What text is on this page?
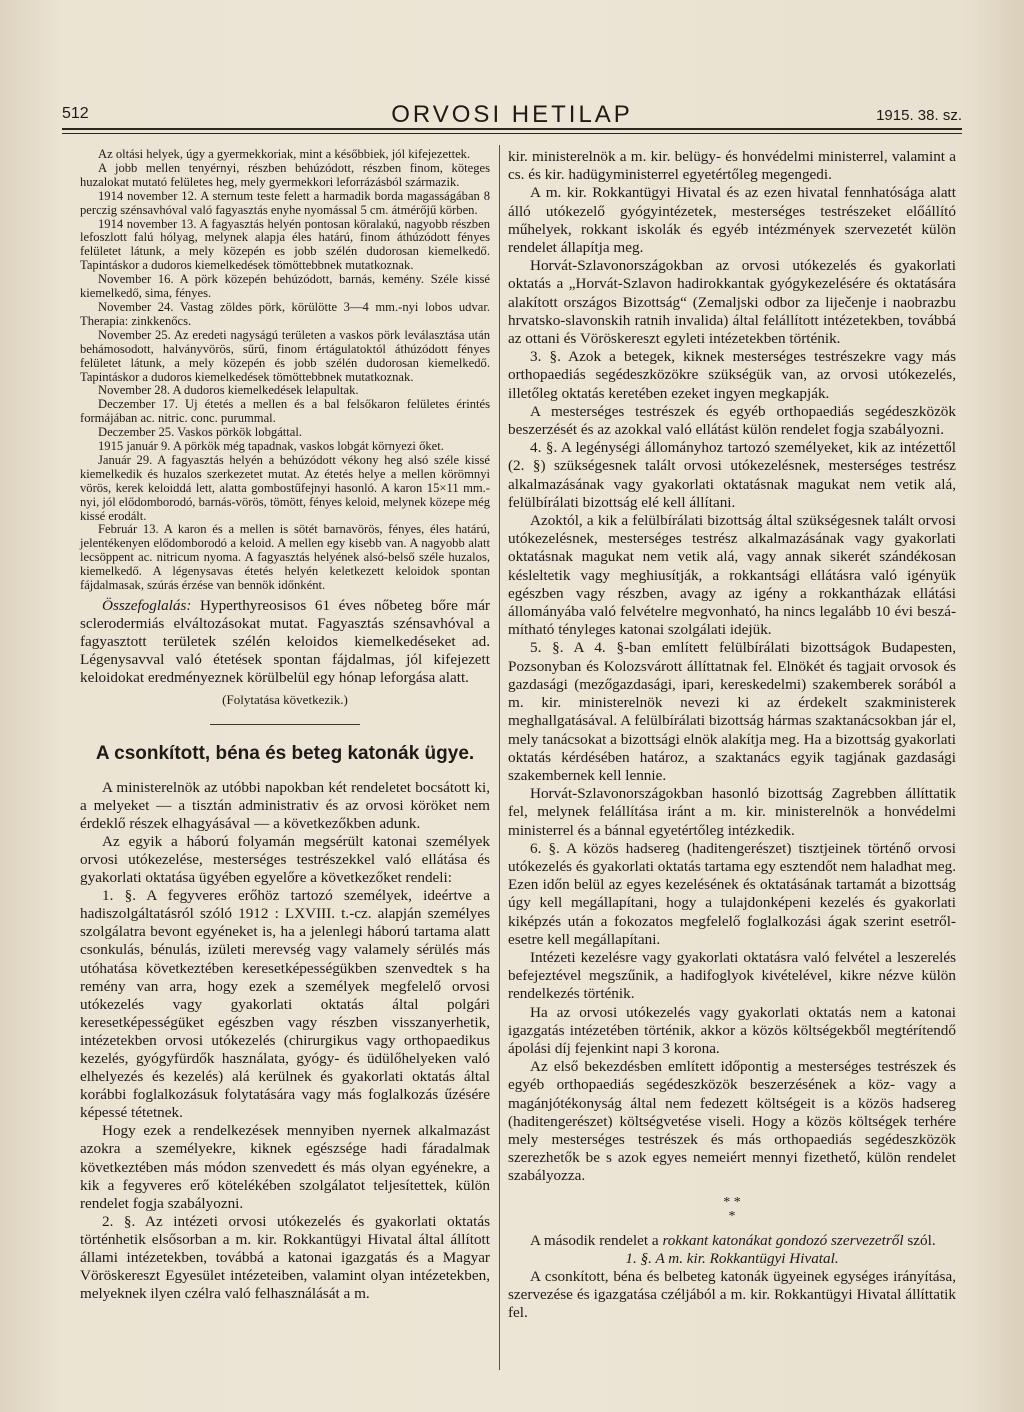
512	ORVOSI HETILAP	1915. 38. sz.

Az oltási helyek, úgy a gyermekkoriak, mint a későbbiek, jól kifejezettek.

A jobb mellen tenyérnyi, részben behúzódott, részben finom, köteges huzalokat mutató felületes heg, mely gyermekkori leforrázásból származik.

1914 november 12. A sternum teste felett a harmadik borda magasságában 8 perczig szénsavhóval való fagyasztás enyhe nyomással 5 cm. átmérőjű körben.

1914 november 13. A fagyasztás helyén pontosan köralakú, nagyobb részben lefoszlott falú hólyag, melynek alapja éles határú, finom áthúzódott fényes felületet látunk, a mely közepén es jobb szélén dudorosan kiemelkedő. Tapintáskor a dudoros kiemelkedések tömöttebbnek mutatkoznak.

November 16. A pörk közepén behúzódott, barnás, kemény. Széle kissé kiemelkedő, sima, fényes.

November 24. Vastag zöldes pörk, körülötte 3—4 mm.-nyi lobos udvar. Therapia: zinkkenőcs.

November 25. Az eredeti nagyságú területen a vaskos pörk leválasztása után behámosodott, halványvörös, sűrű, finom értágulatoktól áthúzódott fényes felületet látunk, a mely közepén és jobb szélén dudorosan kiemelkedő. Tapintáskor a dudoros kiemelkedések tömöttebbnek mutatkoznak.

November 28. A dudoros kiemelkedések lelapultak.

Deczember 17. Uj étetés a mellen és a bal felsőkaron felületes érintés formájában ac. nitric. conc. purummal.

Deczember 25. Vaskos pörkök lobgáttal.

1915 január 9. A pörkök még tapadnak, vaskos lobgát környezi őket.

Január 29. A fagyasztás helyén a behúzódott vékony heg alsó széle kissé kiemelkedik és huzalos szerkezetet mutat. Az étetés helye a mellen körömnyi vörös, kerek keloiddá lett, alatta gombostűfejnyi hasonló. A karon 15×11 mm.-nyi, jól elődomborodó, barnás-vörös, tömött, fényes keloid, melynek közepe még kissé erodált.

Február 13. A karon és a mellen is sötét barnavörös, fényes, éles határú, jelentékenyen elődomborodó a keloid. A mellen egy kisebb van. A nagyobb alatt lecsöppent ac. nitricum nyoma. A fagyasztás helyének alsó-belső széle huzalos, kiemelkedő. A légenysavas étetés helyén keletkezett keloidok spontan fájdalmasak, szúrás érzése van bennök időnként.

Összefoglalás: Hyperthyreosisos 61 éves nőbeteg bőre már sclerodermiás elváltozásokat mutat. Fagyasztás szénsavhóval a fagyasztott területek szélén keloidos kiemelkedéseket ad. Légenysavval való étetések spontan fájdalmas, jól kifejezett keloidokat eredményeznek körülbelül egy hónap leforgása alatt.

(Folytatása következik.)

A csonkított, béna és beteg katonák ügye.

A ministerelnök az utóbbi napokban két rendeletet bocsátott ki, a melyeket — a tisztán administrativ és az orvosi köröket nem érdeklő részek elhagyásával — a következőkben adunk.

Az egyik a háború folyamán megsérült katonai személyek orvosi utókezelése, mesterséges testrészekkel való ellátása és gyakorlati oktatása ügyében egyelőre a következőket rendeli:

1. §. A fegyveres erőhöz tartozó személyek, ideértve a hadiszolgáltatásról szóló 1912 : LXVIII. t.-cz. alapján személyes szolgálatra bevont egyéneket is, ha a jelenlegi háború tartama alatt csonkulás, bénulás, izületi merevség vagy valamely sérülés más utóhatása következtében keresetképességükben szenvedtek s ha remény van arra, hogy ezek a személyek megfelelő orvosi utókezelés vagy gyakorlati oktatás által polgári keresetképességüket egészben vagy részben visszanyerhetik, intézetekben orvosi utókezelés (chirurgikus vagy orthopaedikus kezelés, gyógyfürdők használata, gyógy- és üdülőhelyeken való elhelyezés és kezelés) alá kerülnek és gyakorlati oktatás által korábbi foglalkozásuk folytatására vagy más foglalkozás űzésére képessé tétetnek.

Hogy ezek a rendelkezések mennyiben nyernek alkalmazást azokra a személyekre, kiknek egészsége hadi fáradalmak következtében más módon szenvedett és más olyan egyénekre, a kik a fegyveres erő kötelékében szolgálatot teljesítettek, külön rendelet fogja szabályozni.

2. §. Az intézeti orvosi utókezelés és gyakorlati oktatás történhetik elsősorban a m. kir. Rokkantügyi Hivatal által állított állami intézetekben, továbbá a katonai igazgatás és a Magyar Vöröskereszt Egyesület intézeteiben, valamint olyan intézetekben, melyeknek ilyen czélra való felhasználását a m.

kir. ministerelnök a m. kir. belügy- és honvédelmi ministerrel, valamint a cs. és kir. hadügyministerrel egyetértőleg megengedi.

A m. kir. Rokkantügyi Hivatal és az ezen hivatal fennhatósága alatt álló utókezelő gyógyintézetek, mesterséges testrészeket előállító műhelyek, rokkant iskolák és egyéb intézmények szervezetét külön rendelet állapítja meg.

Horvát-Szlavonországokban az orvosi utókezelés és gyakorlati oktatás a „Horvát-Szlavon hadirokkantak gyógykezelésére és oktatására alakított országos Bizottság“ (Zemaljski odbor za liječenje i naobrazbu hrvatsko-slavonskih ratnih invalida) által felállított intézetekben, továbbá az ottani és Vöröskereszt egyleti intézetekben történik.

3. §. Azok a betegek, kiknek mesterséges testrészekre vagy más orthopaediás segédeszközökre szükségük van, az orvosi utókezelés, illetőleg oktatás keretében ezeket ingyen megkapják.

A mesterséges testrészek és egyéb orthopaediás segédeszközök beszerzését és az azokkal való ellátást külön rendelet fogja szabályozni.

4. §. A legénységi állományhoz tartozó személyeket, kik az intézettől (2. §) szükségesnek talált orvosi utókezelésnek, mesterséges testrész alkalmazásának vagy gyakorlati oktatásnak magukat nem vetik alá, felülbírálati bizottság elé kell állítani.

Azoktól, a kik a felülbírálati bizottság által szükségesnek talált orvosi utókezelésnek, mesterséges testrész alkalmazásának vagy gyakorlati oktatásnak magukat nem vetik alá, vagy annak sikerét szándékosan késleltetik vagy meghiusítják, a rokkantsági ellátásra való igényük egészben vagy részben, avagy az igény a rokkantházak ellátási állományába való felvételre megvonható, ha nincs legalább 10 évi beszámítható tényleges katonai szolgálati idejük.

5. §. A 4. §-ban említett felülbírálati bizottságok Budapesten, Pozsonyban és Kolozsvárott állíttatnak fel. Elnökét és tagjait orvosok és gazdasági (mezőgazdasági, ipari, kereskedelmi) szakemberek sorából a m. kir. ministerelnök nevezi ki az érdekelt szakministerek meghallgatásával. A felülbírálati bizottság hármas szaktanácsokban jár el, mely tanácsokat a bizottsági elnök alakítja meg. Ha a bizottság gyakorlati oktatás kérdésében határoz, a szaktanács egyik tagjának gazdasági szakembernek kell lennie.

Horvát-Szlavonországokban hasonló bizottság Zagrebben állíttatik fel, melynek felállítása iránt a m. kir. ministerelnök a honvédelmi ministerrel és a bánnal egyetértőleg intézkedik.

6. §. A közös hadsereg (haditengerészet) tisztjeinek történő orvosi utókezelés és gyakorlati oktatás tartama egy esztendőt nem haladhat meg. Ezen időn belül az egyes kezelésének és oktatásának tartamát a bizottság úgy kell megállapítani, hogy a tulajdonképeni kezelés és gyakorlati kiképzés után a fokozatos megfelelő foglalkozási ágak szerint esetről-esetre kell megállapítani.

Intézeti kezelésre vagy gyakorlati oktatásra való felvétel a leszerelés befejeztével megszűnik, a hadifoglyok kivételével, kikre nézve külön rendelkezés történik.

Ha az orvosi utókezelés vagy gyakorlati oktatás nem a katonai igazgatás intézetében történik, akkor a közös költségekből megtérítendő ápolási díj fejenkint napi 3 korona.

Az első bekezdésben említett időpontig a mesterséges testrészek és egyéb orthopaediás segédeszközök beszerzésének a köz- vagy a magánjótékonyság által nem fedezett költségeit is a közös hadsereg (haditengerészet) költségvetése viseli. Hogy a közös költségek terhére mely mesterséges testrészek és más orthopaediás segédeszközök szerezhetők be s azok egyes nemeiért mennyi fizethető, külön rendelet szabályozza.

* *
*

A második rendelet a rokkant katonákat gondozó szervezetről szól.

1. §. A m. kir. Rokkantügyi Hivatal.

A csonkított, béna és belbeteg katonák ügyeinek egységes irányítása, szervezése és igazgatása czéljából a m. kir. Rokkantügyi Hivatal állíttatik fel.
